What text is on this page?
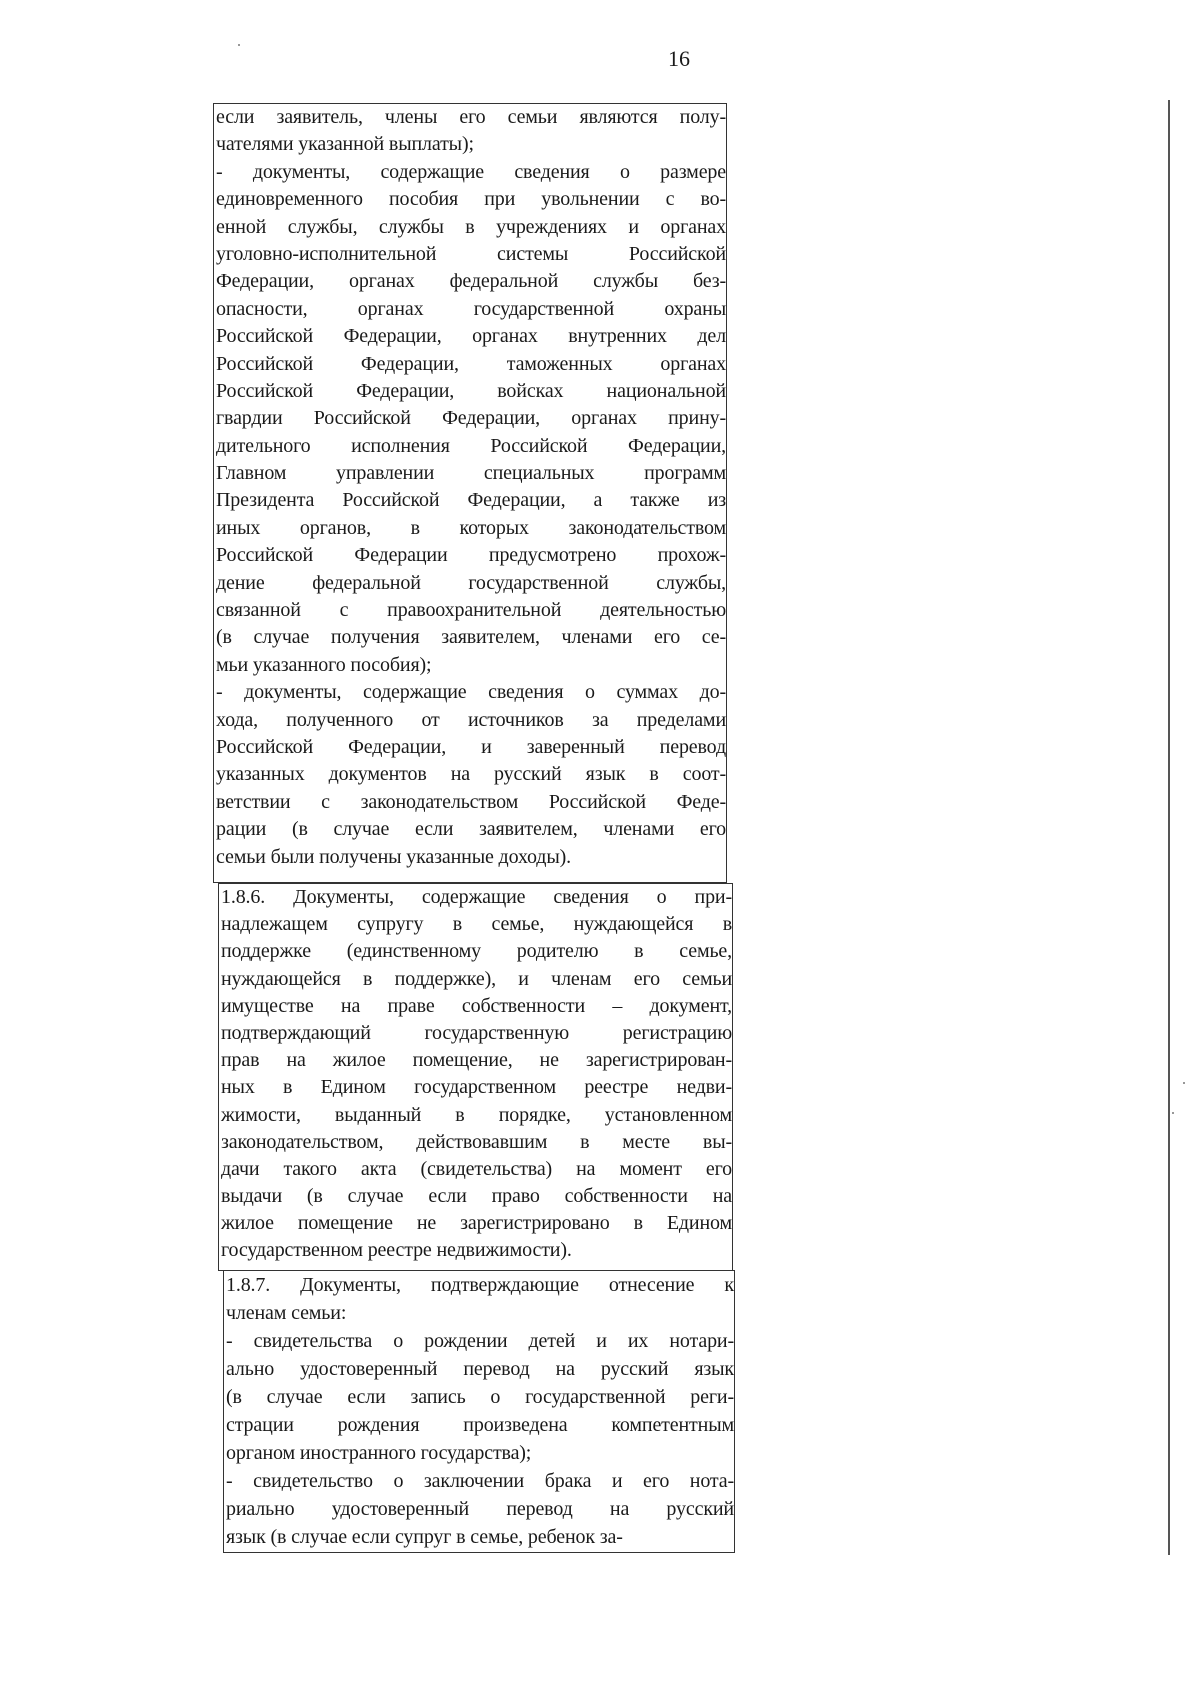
16
если заявитель, члены его семьи являются полу-
чателями указанной выплаты);
- документы, содержащие сведения о размере
единовременного пособия при увольнении с во-
енной службы, службы в учреждениях и органах
уголовно-исполнительной системы Российской
Федерации, органах федеральной службы без-
опасности, органах государственной охраны
Российской Федерации, органах внутренних дел
Российской Федерации, таможенных органах
Российской Федерации, войсках национальной
гвардии Российской Федерации, органах прину-
дительного исполнения Российской Федерации,
Главном управлении специальных программ
Президента Российской Федерации, а также из
иных органов, в которых законодательством
Российской Федерации предусмотрено прохож-
дение федеральной государственной службы,
связанной с правоохранительной деятельностью
(в случае получения заявителем, членами его се-
мьи указанного пособия);
- документы, содержащие сведения о суммах до-
хода, полученного от источников за пределами
Российской Федерации, и заверенный перевод
указанных документов на русский язык в соот-
ветствии с законодательством Российской Феде-
рации (в случае если заявителем, членами его
семьи были получены указанные доходы).
1.8.6. Документы, содержащие сведения о при-
надлежащем супругу в семье, нуждающейся в
поддержке (единственному родителю в семье,
нуждающейся в поддержке), и членам его семьи
имуществе на праве собственности – документ,
подтверждающий государственную регистрацию
прав на жилое помещение, не зарегистрирован-
ных в Едином государственном реестре недви-
жимости, выданный в порядке, установленном
законодательством, действовавшим в месте вы-
дачи такого акта (свидетельства) на момент его
выдачи (в случае если право собственности на
жилое помещение не зарегистрировано в Едином
государственном реестре недвижимости).
1.8.7. Документы, подтверждающие отнесение к
членам семьи:
- свидетельства о рождении детей и их нотари-
ально удостоверенный перевод на русский язык
(в случае если запись о государственной реги-
страции рождения произведена компетентным
органом иностранного государства);
- свидетельство о заключении брака и его нота-
риально удостоверенный перевод на русский
язык (в случае если супруг в семье, ребенок за-
